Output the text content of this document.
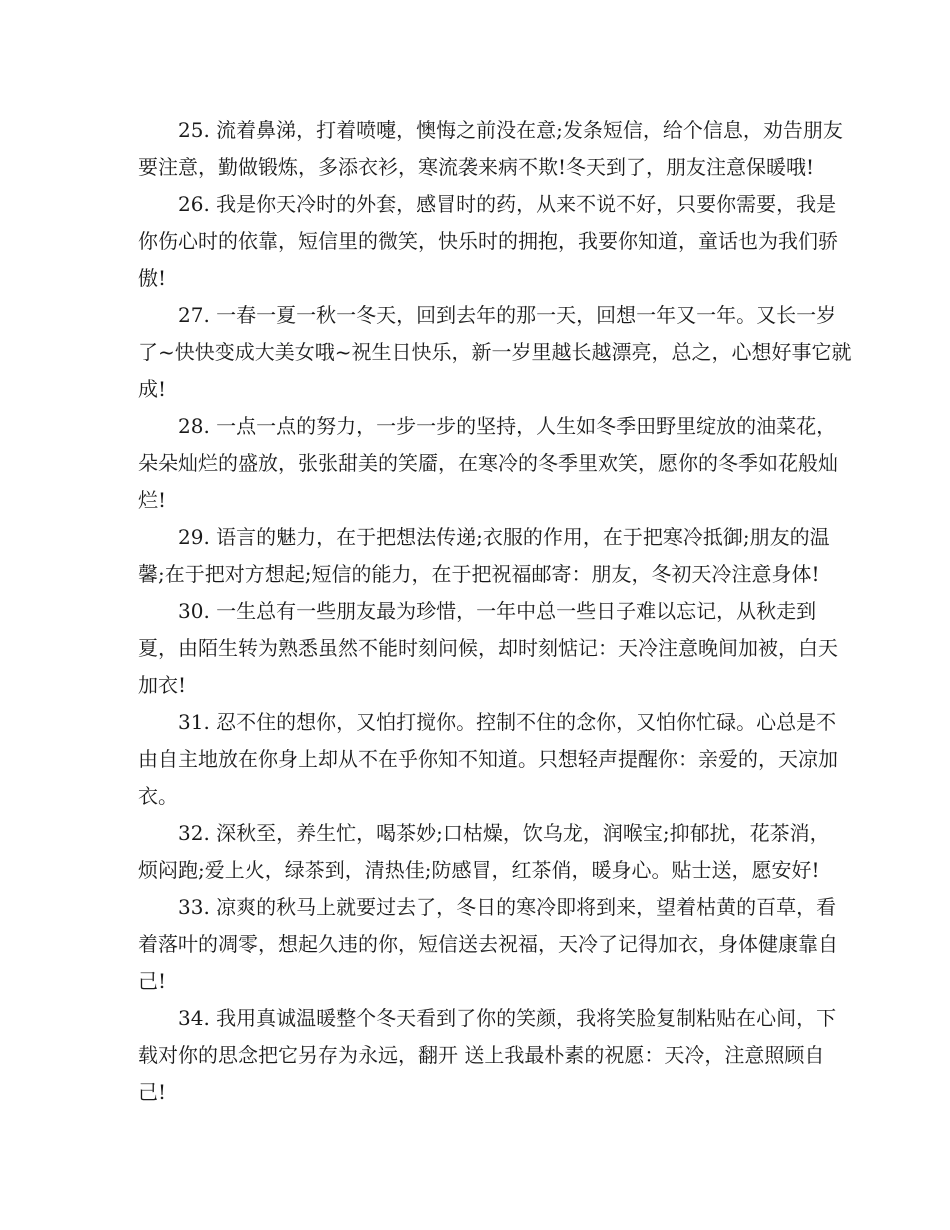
25. 流着鼻涕，打着喷嚏，懊悔之前没在意;发条短信，给个信息，劝告朋友
要注意，勤做锻炼，多添衣衫，寒流袭来病不欺!冬天到了，朋友注意保暖哦!
26. 我是你天冷时的外套，感冒时的药，从来不说不好，只要你需要，我是
你伤心时的依靠，短信里的微笑，快乐时的拥抱，我要你知道，童话也为我们骄
傲!
27. 一春一夏一秋一冬天，回到去年的那一天，回想一年又一年。又长一岁
了~快快变成大美女哦~祝生日快乐，新一岁里越长越漂亮，总之，心想好事它就
成!
28. 一点一点的努力，一步一步的坚持，人生如冬季田野里绽放的油菜花，
朵朵灿烂的盛放，张张甜美的笑靥，在寒冷的冬季里欢笑，愿你的冬季如花般灿
烂!
29. 语言的魅力，在于把想法传递;衣服的作用，在于把寒冷抵御;朋友的温
馨;在于把对方想起;短信的能力，在于把祝福邮寄：朋友，冬初天冷注意身体!
30. 一生总有一些朋友最为珍惜，一年中总一些日子难以忘记，从秋走到
夏，由陌生转为熟悉虽然不能时刻问候，却时刻惦记：天冷注意晚间加被，白天
加衣!
31. 忍不住的想你，又怕打搅你。控制不住的念你，又怕你忙碌。心总是不
由自主地放在你身上却从不在乎你知不知道。只想轻声提醒你：亲爱的，天凉加
衣。
32. 深秋至，养生忙，喝茶妙;口枯燥，饮乌龙，润喉宝;抑郁扰，花茶消，
烦闷跑;爱上火，绿茶到，清热佳;防感冒，红茶俏，暖身心。贴士送，愿安好!
33. 凉爽的秋马上就要过去了，冬日的寒冷即将到来，望着枯黄的百草，看
着落叶的凋零，想起久违的你，短信送去祝福，天冷了记得加衣，身体健康靠自
己!
34. 我用真诚温暖整个冬天看到了你的笑颜，我将笑脸复制粘贴在心间，下
载对你的思念把它另存为永远，翻开 送上我最朴素的祝愿：天冷，注意照顾自
己!
